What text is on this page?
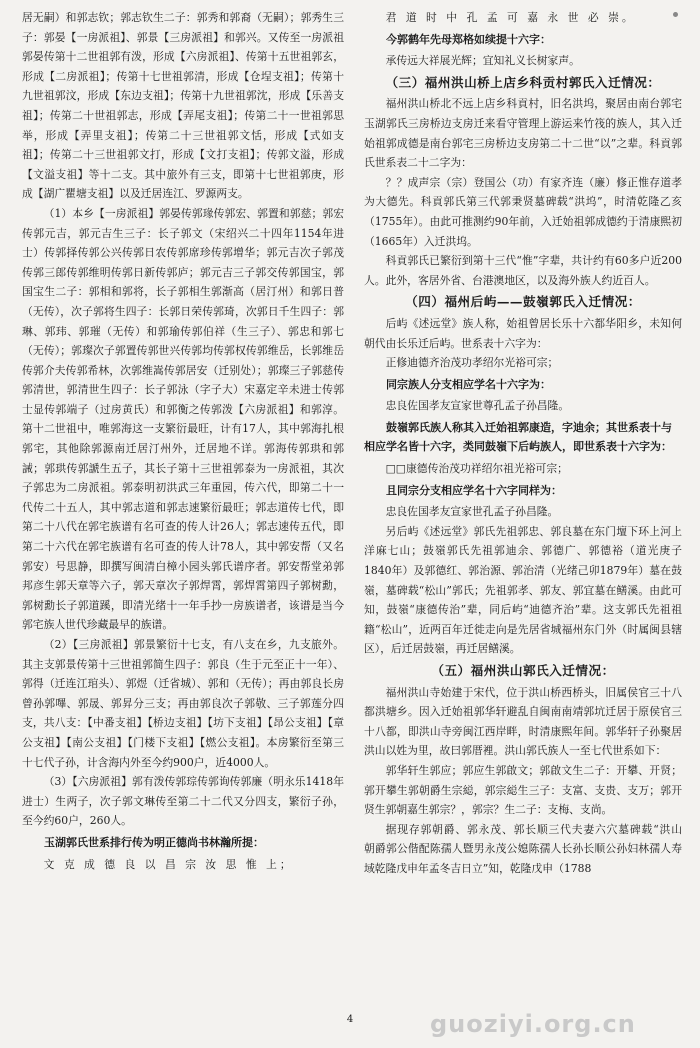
居无嗣）和郭志钦；郭志钦生二子：郭秀和郭裔（无嗣）；郭秀生三子：郭晏【一房派祖】、郭景【三房派祖】和郭兴。又传至一房派祖郭晏传第十二世祖郭有泼，形成【六房派祖】、传第十五世祖郭玄，形成【二房派祖】；传第十七世祖郭清，形成【仓埕支祖】；传第十九世祖郭汶，形成【东边支祖】；传第十九世祖郭沈，形成【乐善支祖】；传第二十世祖郭志，形成【弄尾支祖】；传第二十一世祖郭思举，形成【弄里支祖】；传第二十三世祖郭文恬，形成【式如支祖】；传第二十三世祖郭文打，形成【文打支祖】；传郭文溢，形成【文溢支祖】等十二支。其中旅外有三支，即第十七世祖郭庚，形成【湖广瞿塘支祖】以及迁居连江、罗源两支。

（1）本乡【一房派祖】郭晏传郭瑑传郭宏、郭置和郭慈；郭宏传郭元吉，郭元吉生三子：长子郭文（宋绍兴二十四年1154年进士）传郭择传郭公兴传郭日农传郭席珍传郭增华；郭元吉次子郭茂传郭三郎传郭维明传郭日新传郭庐；郭元吉三子郭交传郭国宝，郭国宝生二子：郭相和郭将，长子郭相生郭渐高（居汀州）和郭日普（无传），次子郭将生四子：长郭日荣传郭琦，次郭日千生四子：郭琳、郭玮、郭璀（无传）和郭瑜传郭伯祥（生三子）、郭忠和郭七（无传）；郭璨次子郭置传郭世兴传郭均传郭权传郭维岳，长郭维岳传郭介夫传郭希林，次郭维嵩传郭居安（迁别处）；郭璨三子郭慈传郭清世，郭清世生四子：长子郭泳（字子大）宋嘉定辛未进士传郭士显传郭端子（过房黄氏）和郭衡之传郭泼【六房派祖】和郭淳。第十二世祖中，唯郭海这一支繁衍最旺，计有17人，其中郭海扎根郭宅，其他除郭源南迁居汀州外，迁居地不详。郭海传郭珙和郭誡；郭珙传郭謕生五子，其长子第十三世祖郭泰为一房派祖，其次子郭忠为二房派祖。郭泰明初洪武三年重园，传六代，即第二十一代传二十五人，其中郭志道和郭志速繁衍最旺；郭志道传七代，即第二十八代在郭宅族谱有名可查的传人计26人；郭志速传五代，即第二十六代在郭宅族谱有名可查的传人计78人，其中郭安帮（又名郭安）号思静，即撰写闽清白樟小园头郭氏谱序者。郭安帮堂弟郭邦彦生郭天章等六子，郭天章次子郭焊霄，郭焊霄第四子郭树勳，郭树勳长子郭道蹊，即清光绪十一年手抄一房族谱者，该谱是当今郭宅族人世代珍藏最早的族谱。

（2）【三房派祖】郭景繁衍十七支，有八支在乡，九支旅外。其主支郭景传第十三世祖郭简生四子：郭良（生于元至正十一年）、郭得（迁连江琯头）、郭煜（迁省城）、郭和（无传）；再由郭良长房曾孙郭嗶、郭晟、郭昇分三支；再由郭良次子郭敬、三子郭莲分四支，共八支：【中番支祖】【桥边支祖】【坊下支祖】【昂公支祖】【章公支祖】【南公支祖】【门楼下支祖】【燃公支祖】。本房繁衍至第三十七代子孙，计含海内外至今约900户，近4000人。

（3）【六房派祖】郭有泼传郭琮传郭询传郭廉（明永乐1418年进士）生两子，次子郭文琳传至第二十二代又分四支，繁衍子孙，至今约60户，260人。

玉湖郭氏世系排行传为明正德尚书林瀚所提：

文 克 成 德 良 以 昌 宗 汝 思 惟 上；

君 道 时 中 孔 孟 可 嘉 永 世 必 崇。

今郭鹤年先母郑格如续提十六字：

承传远大祥展光辉；宜知礼义长树家声。

（三）福州洪山桥上店乡科贡村郭氏入迁情况：

福州洪山桥北不远上店乡科貢村，旧名洪坞，聚居由南台郭宅玉湖郭氏三房桥边支房迁来看守管理上游运来竹筏的族人，其入迁始祖郭成德是南台郭宅三房桥边支房第二十二世“以”之辈。科貢郭氏世系表二十二字为：

？？成声宗（宗）登国公（功）有家齐连（廉）修正惟存道孝为大德先。科貢郭氏第三代郭秉贤墓碑载“洪坞”，时清乾隆乙亥（1755年）。由此可推测约90年前，入迁始祖郭成德约于清康熙初（1665年）入迁洪坞。

科貢郭氏已繁衍到第十三代“惟”字辈，共计约有60多户近200人。此外，客居外省、台港澳地区，以及海外族人约近百人。

（四）福州后屿——鼓嶺郭氏入迁情况：

后屿《述远堂》族人称，始祖曾居长乐十六都华阳乡，未知何朝代由长乐迁后屿。世系表十六字为：

正修迪德齐治茂功孝绍尔光裕可宗；

同宗族人分支相应学名十六字为：

忠良佐国孝友宣家世尊孔孟子孙昌隆。

鼓嶺郭氏族人称其入迁始祖郭康造，字迪余；其世系表十与相应学名皆十六字，类同鼓嶺下后屿族人，即世系表十六字为：

□□康德传治茂功祥绍尔祖光裕可宗；

且同宗分支相应学名十六字同样为：

忠良佐国孝友宣家世孔孟子孙昌隆。

另后屿《述远堂》郭氏先祖郭忠、郭良墓在东门壇下环上河上洋麻七山；鼓嶺郭氏先祖郭迪余、郭德广、郭德裕（道光庚子1840年）及郭德红、郭治源、郭治清（光绪己卯1879年）墓在鼓嶺，墓碑载“松山”郭氏；先祖郭孝、郭友、郭宜墓在鳝溪。由此可知，鼓嶺“康德传治”辈，同后屿“迪德齐治”辈。这支郭氏先祖祖籍“松山”，近两百年迁徙走向是先居省城福州东门外（时属闽县辖区），后迁居鼓嶺，再迁居鳝溪。

（五）福州洪山郭氏入迁情况：

福州洪山寺始建于宋代，位于洪山桥西桥头，旧属侯官三十八都洪塘乡。因入迁始祖郭华轩避乱自闽南南靖郭坑迁居于原侯官三十八都，即洪山寺旁闽江西岸畔，时清康熙年间。郭华轩子孙聚居洪山以姓为里，故曰郭厝裡。洪山郭氏族人一至七代世系如下：

郭华轩生郭应；郭应生郭啟文；郭啟文生二子：开攀、开贤；郭开攀生郭朝爵生宗縂，郭宗縂生三子：支富、支贵、支万；郭开贤生郭朝嘉生郭宗？，郭宗？生二子：支梅、支尚。

据现存郭朝爵、郭永茂、郭长顺三代夫妻六穴墓碑载“洪山　朝爵郭公偕配陈孺人暨男永茂公媳陈孺人长孙长顺公孙妇林孺人寿域乾隆戊申年孟冬吉日立”知，乾隆戊申（1788

4	guoziyi.org.cn
